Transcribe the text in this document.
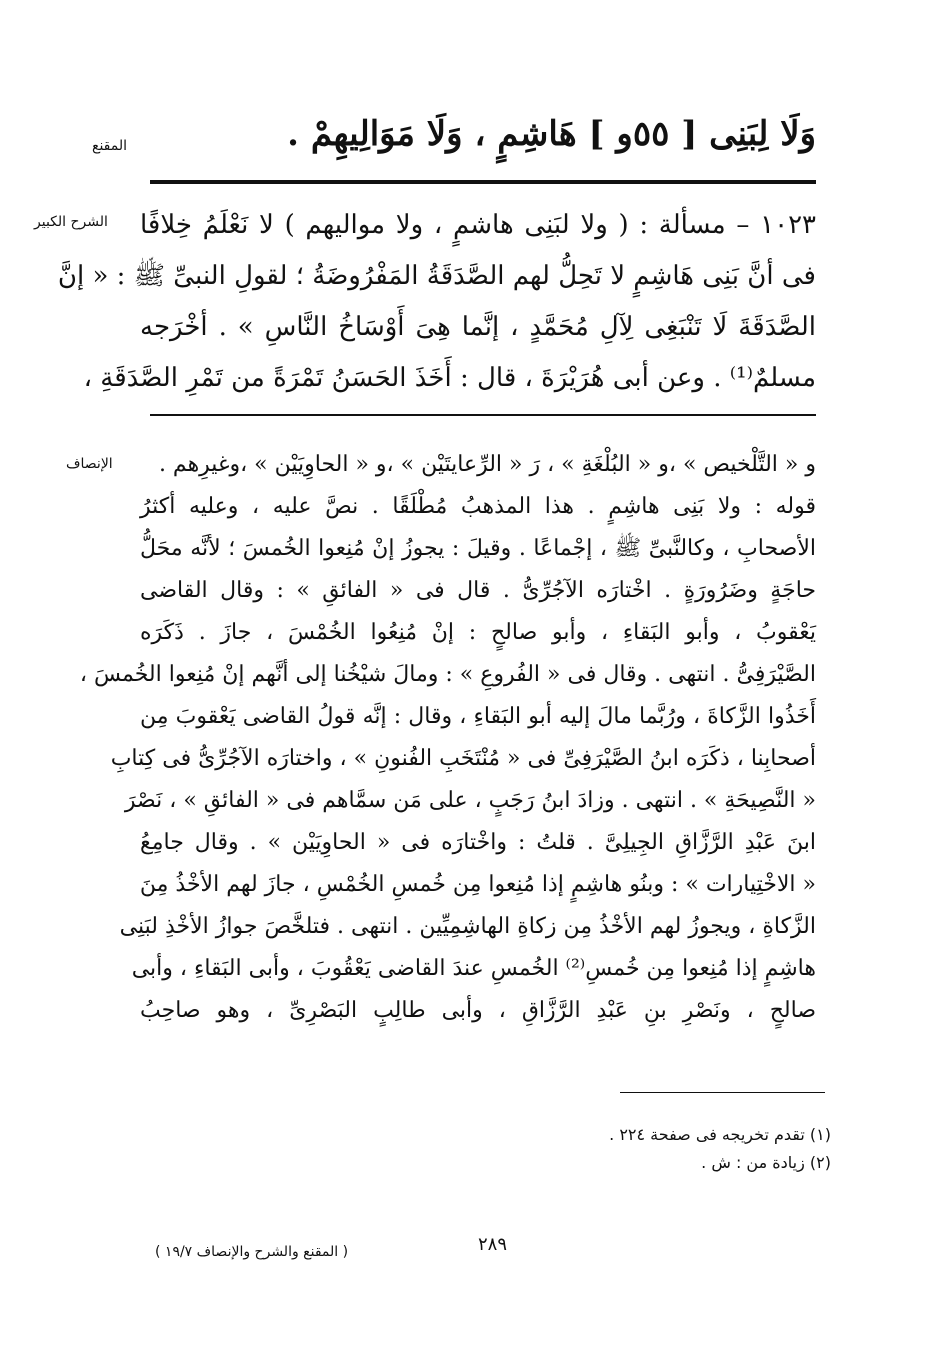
المقنع
الشرح الكبير
الإنصاف
وَلَا لِبَنِى [ ٥٥و ] هَاشِمٍ ، وَلَا مَوَالِيهِمْ .
١٠٢٣ – مسألة : ( ولا لبَنِى هاشمٍ ، ولا مواليهم ) لا نَعْلَمُ خِلافًا
فى أنَّ بَنِى هَاشِمٍ لا تَحِلُّ لهم الصَّدَقَةُ المَفْرُوضَةُ ؛ لقولِ النبىِّ ﷺ : « إنَّ
الصَّدَقَةَ لَا تَنْبَغِى لِآلِ مُحَمَّدٍ ، إنَّما هِىَ أَوْسَاخُ النَّاسِ » . أخْرَجه
مسلمٌ⁽¹⁾ . وعن أبى هُرَيْرَةَ ، قال : أَخَذَ الحَسَنُ تَمْرَةً من تَمْرِ الصَّدَقَةِ ،
و « التَّلْخيص » ،و « البُلْغَةِ » ، رَ « الرِّعايتَيْن » ،و « الحاوِيَيْن » ،وغيرِهم .
قوله : ولا بَنِى هاشِمٍ . هذا المذهبُ مُطْلَقًا . نصَّ عليه ، وعليه أكثرُ
الأصحابِ ، وكالنَّبىِّ ﷺ ، إجْماعًا . وقيلَ : يجوزُ إنْ مُنِعوا الخُمسَ ؛ لأنَّه محَلُّ
حاجَةٍ وضَرُورَةٍ . اخْتارَه الآجُرِّىُّ . قال فى « الفائقِ » : وقال القاضى
يَعْقوبُ ، وأبو البَقاءِ ، وأبو صالحٍ : إنْ مُنِعُوا الخُمْسَ ، جازَ . ذَكَرَه
الصَّيْرَفِىُّ . انتهى . وقال فى « الفُروعِ » : ومالَ شيْخُنا إلى أنَّهم إنْ مُنِعوا الخُمسَ ،
أَخَذُوا الزَّكاةَ ، ورُبَّما مالَ إليه أبو البَقاءِ ، وقال : إنَّه قولُ القاضى يَعْقوبَ مِن
أصحابِنا ، ذكَرَه ابنُ الصَّيْرَفِىِّ فى « مُنْتَخَبِ الفُنونِ » ، واختارَه الآجُرِّىُّ فى كِتابِ
« النَّصِيحَةِ » . انتهى . وزادَ ابنُ رَجَبٍ ، على مَن سمَّاهم فى « الفائقِ » ، نَصْرَ
ابنَ عَبْدِ الرَّزَّاقِ الجِيلِىَّ . قلتُ : واخْتارَه فى « الحاوِيَيْن » . وقال جامِعُ
« الاخْتِيارات » : وبنُو هاشِمٍ إذا مُنِعوا مِن خُمسِ الخُمْسِ ، جازَ لهم الأخْذُ مِنَ
الزَّكاةِ ، ويجوزُ لهم الأخْذُ مِن زكاةِ الهاشِمِيِّين . انتهى . فتلخَّصَ جوازُ الأخْذِ لبَنِى
هاشِمٍ إذا مُنِعوا مِن خُمسِ⁽²⁾ الخُمسِ عندَ القاضى يَعْقُوبَ ، وأبى البَقاءِ ، وأبى
صالحٍ ، ونَصْرِ بنِ عَبْدِ الرَّزَّاقِ ، وأبى طالِبٍ البَصْرِىِّ ، وهو صاحِبُ
(١) تقدم تخريجه فى صفحة ٢٢٤ .
(٢) زيادة من : ش .
٢٨٩
( المقنع والشرح والإنصاف ١٩/٧ )
